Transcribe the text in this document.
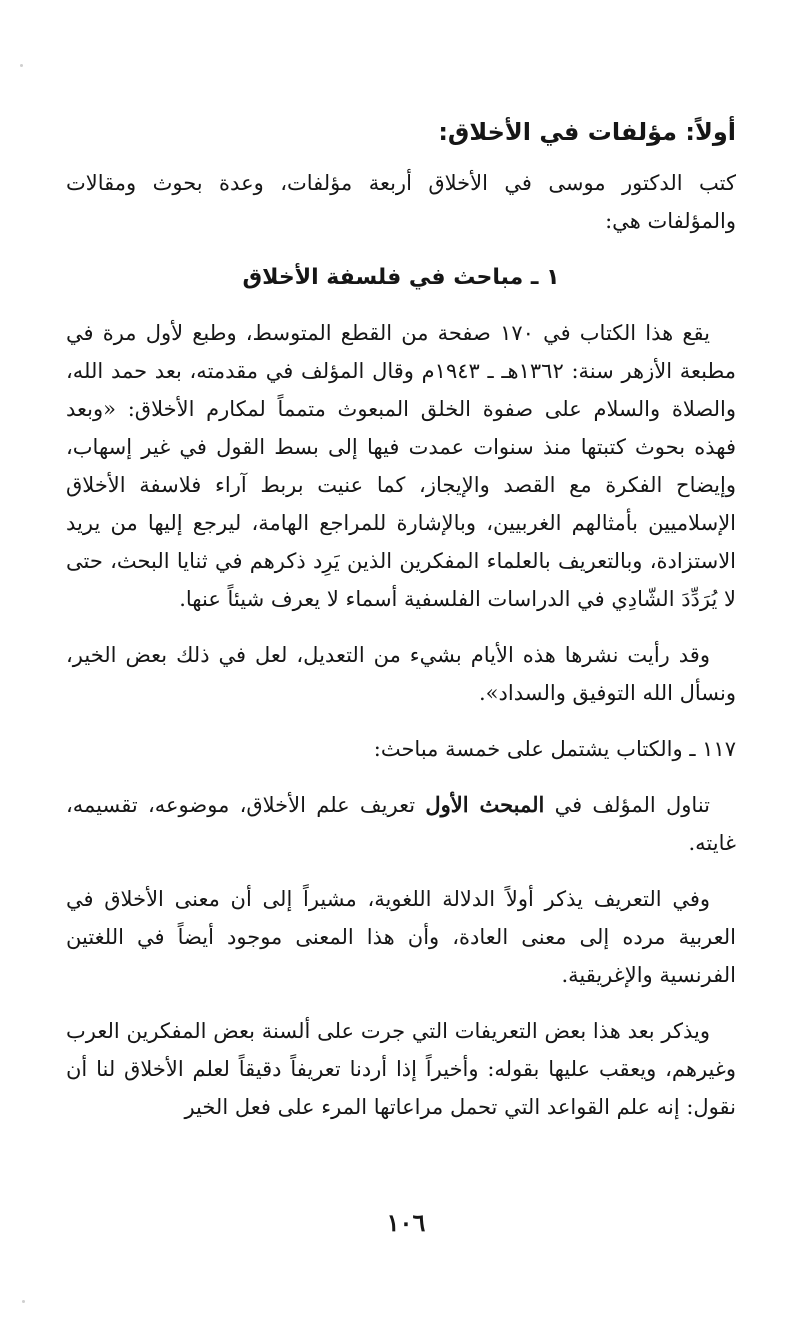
أولاً: مؤلفات في الأخلاق:

كتب الدكتور موسى في الأخلاق أربعة مؤلفات، وعدة بحوث ومقالات والمؤلفات هي:

١ ـ مباحث في فلسفة الأخلاق

يقع هذا الكتاب في ١٧٠ صفحة من القطع المتوسط، وطبع لأول مرة في مطبعة الأزهر سنة: ١٣٦٢هـ ـ ١٩٤٣م وقال المؤلف في مقدمته، بعد حمد الله، والصلاة والسلام على صفوة الخلق المبعوث متمماً لمكارم الأخلاق: «وبعد فهذه بحوث كتبتها منذ سنوات عمدت فيها إلى بسط القول في غير إسهاب، وإيضاح الفكرة مع القصد والإيجاز، كما عنيت بربط آراء فلاسفة الأخلاق الإسلاميين بأمثالهم الغربيين، وبالإشارة للمراجع الهامة، ليرجع إليها من يريد الاستزادة، وبالتعريف بالعلماء المفكرين الذين يَرِد ذكرهم في ثنايا البحث، حتى لا يُرَدِّدَ الشّادِي في الدراسات الفلسفية أسماء لا يعرف شيئاً عنها.

وقد رأيت نشرها هذه الأيام بشيء من التعديل، لعل في ذلك بعض الخير، ونسأل الله التوفيق والسداد».

١١٧ ـ والكتاب يشتمل على خمسة مباحث:

تناول المؤلف في المبحث الأول تعريف علم الأخلاق، موضوعه، تقسيمه، غايته.

وفي التعريف يذكر أولاً الدلالة اللغوية، مشيراً إلى أن معنى الأخلاق في العربية مرده إلى معنى العادة، وأن هذا المعنى موجود أيضاً في اللغتين الفرنسية والإغريقية.

ويذكر بعد هذا بعض التعريفات التي جرت على ألسنة بعض المفكرين العرب وغيرهم، ويعقب عليها بقوله: وأخيراً إذا أردنا تعريفاً دقيقاً لعلم الأخلاق لنا أن نقول: إنه علم القواعد التي تحمل مراعاتها المرء على فعل الخير

١٠٦
